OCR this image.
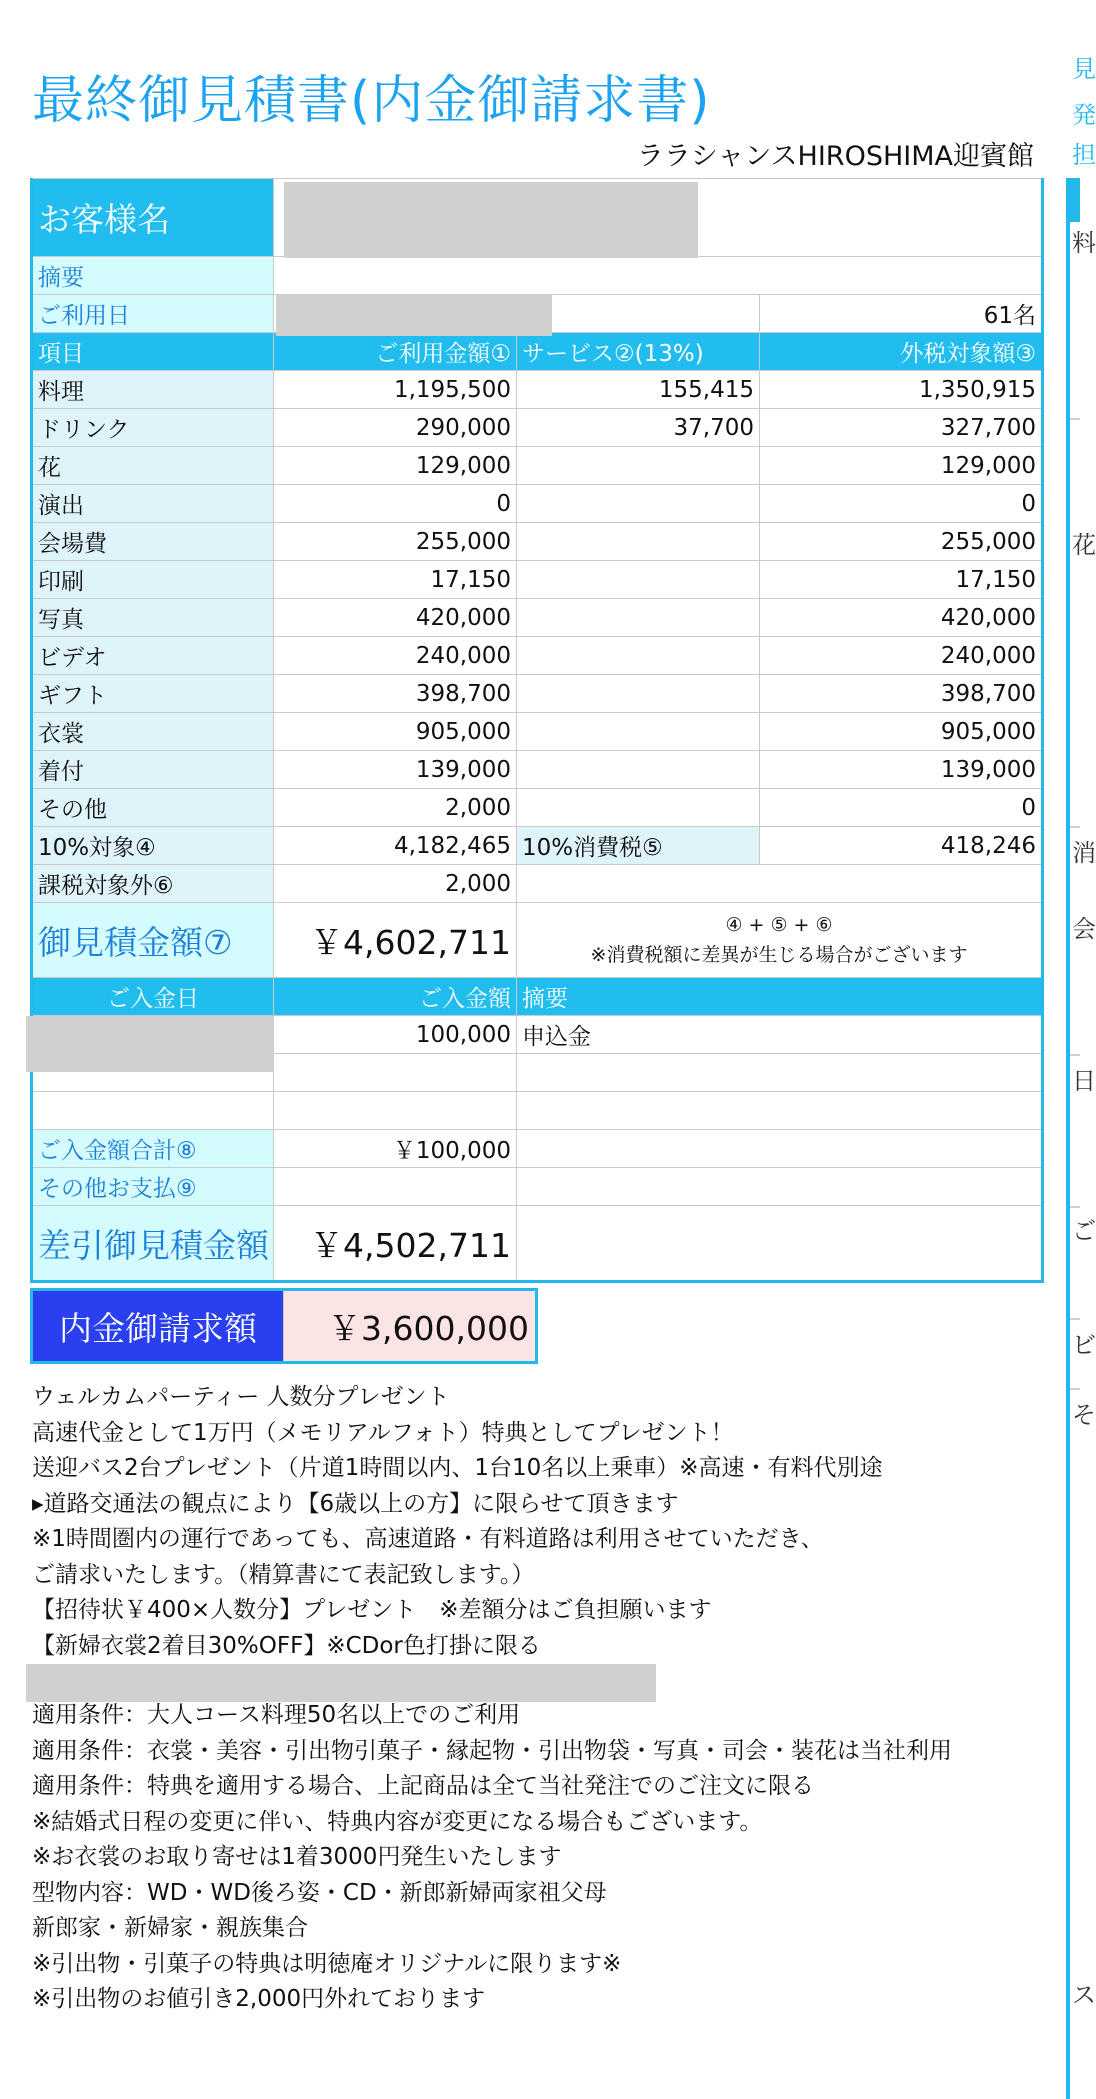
最終御見積書(内金御請求書)
ララシャンスHIROSHIMA迎賓館
見
発
担
料
花
消
会
日
ご
ビ
そ
ス
お客様名			
摘要			
ご利用日			61名
項目	ご利用金額①	サービス②(13%)	外税対象額③
料理	1,195,500	155,415	1,350,915
ドリンク	290,000	37,700	327,700
花	129,000		129,000
演出	0		0
会場費	255,000		255,000
印刷	17,150		17,150
写真	420,000		420,000
ビデオ	240,000		240,000
ギフト	398,700		398,700
衣裳	905,000		905,000
着付	139,000		139,000
その他	2,000		0
10%対象④	4,182,465	10%消費税⑤	418,246
課税対象外⑥	2,000		
御見積金額⑦	￥4,602,711	④ + ⑤ + ⑥
※消費税額に差異が生じる場合がございます	

ご入金日	ご入金額	摘要	
	100,000	申込金	

ご入金額合計⑧	￥100,000		
その他お支払⑨			
差引御見積金額	￥4,502,711		
内金御請求額	￥3,600,000
ウェルカムパーティー 人数分プレゼント
高速代金として1万円（メモリアルフォト）特典としてプレゼント！
送迎バス2台プレゼント（片道1時間以内、1台10名以上乗車）※高速・有料代別途
▸道路交通法の観点により【6歳以上の方】に限らせて頂きます
※1時間圏内の運行であっても、高速道路・有料道路は利用させていただき、
ご請求いたします。（精算書にて表記致します。）
【招待状￥400×人数分】プレゼント　※差額分はご負担願います
【新婦衣裳2着目30%OFF】※CDor色打掛に限る
適用条件：大人コース料理50名以上でのご利用
適用条件：衣裳・美容・引出物引菓子・縁起物・引出物袋・写真・司会・装花は当社利用
適用条件：特典を適用する場合、上記商品は全て当社発注でのご注文に限る
※結婚式日程の変更に伴い、特典内容が変更になる場合もございます。
※お衣裳のお取り寄せは1着3000円発生いたします
型物内容：WD・WD後ろ姿・CD・新郎新婦両家祖父母
新郎家・新婦家・親族集合
※引出物・引菓子の特典は明徳庵オリジナルに限ります※
※引出物のお値引き2,000円外れております
